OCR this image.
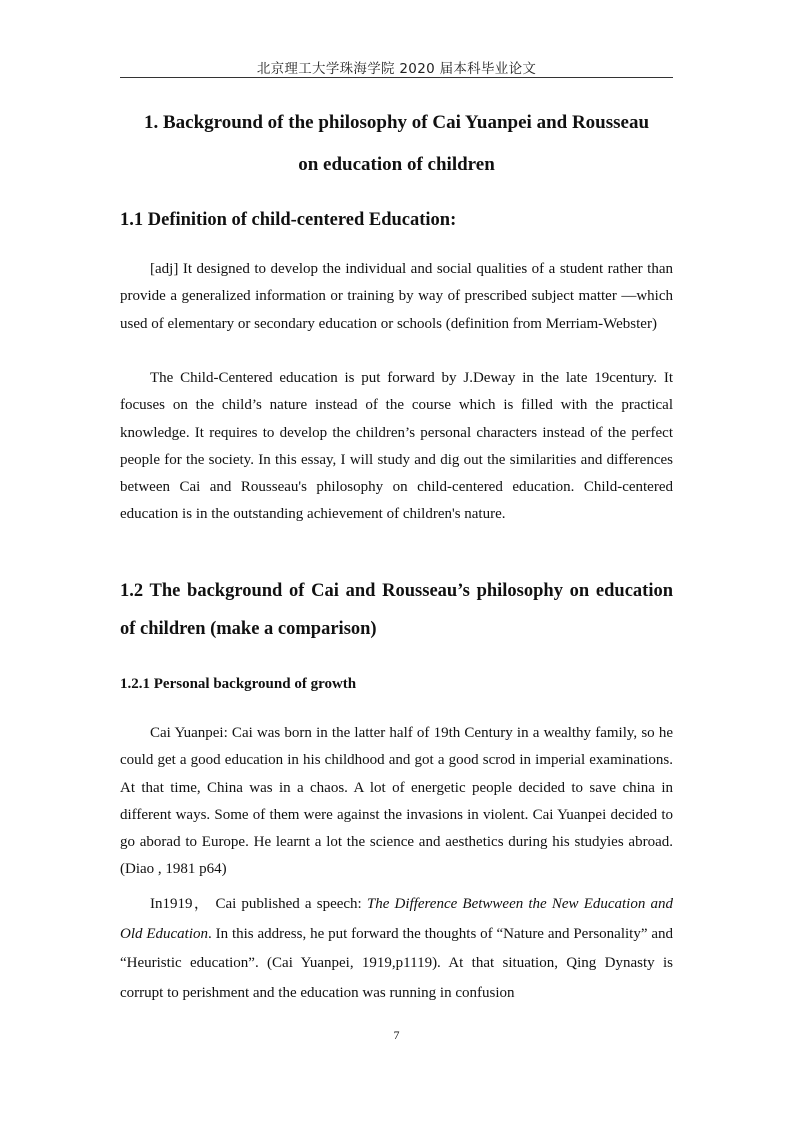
北京理工大学珠海学院 2020 届本科毕业论文
1. Background of the philosophy of Cai Yuanpei and Rousseau
on education of children
1.1 Definition of child-centered Education:

[adj] It designed to develop the individual and social qualities of a student rather than provide a generalized information or training by way of prescribed subject matter —which used of elementary or secondary education or schools (definition from Merriam-Webster)

The Child-Centered education is put forward by J.Deway in the late 19century. It focuses on the child’s nature instead of the course which is filled with the practical knowledge. It requires to develop the children’s personal characters instead of the perfect people for the society. In this essay, I will study and dig out the similarities and differences between Cai and Rousseau's philosophy on child-centered education. Child-centered education is in the outstanding achievement of children's nature.

1.2 The background of Cai and Rousseau’s philosophy on education
of children (make a comparison)
1.2.1 Personal background of growth

Cai Yuanpei: Cai was born in the latter half of 19th Century in a wealthy family, so he could get a good education in his childhood and got a good scrod in imperial examinations. At that time, China was in a chaos. A lot of energetic people decided to save china in different ways. Some of them were against the invasions in violent. Cai Yuanpei decided to go aborad to Europe. He learnt a lot the science and aesthetics during his studyies abroad. (Diao , 1981 p64)

In1919， Cai published a speech: The Difference Betwween the New Education and Old Education. In this address, he put forward the thoughts of “Nature and Personality” and “Heuristic education”. (Cai Yuanpei, 1919,p1119). At that situation, Qing Dynasty is corrupt to perishment and the education was running in confusion

7
